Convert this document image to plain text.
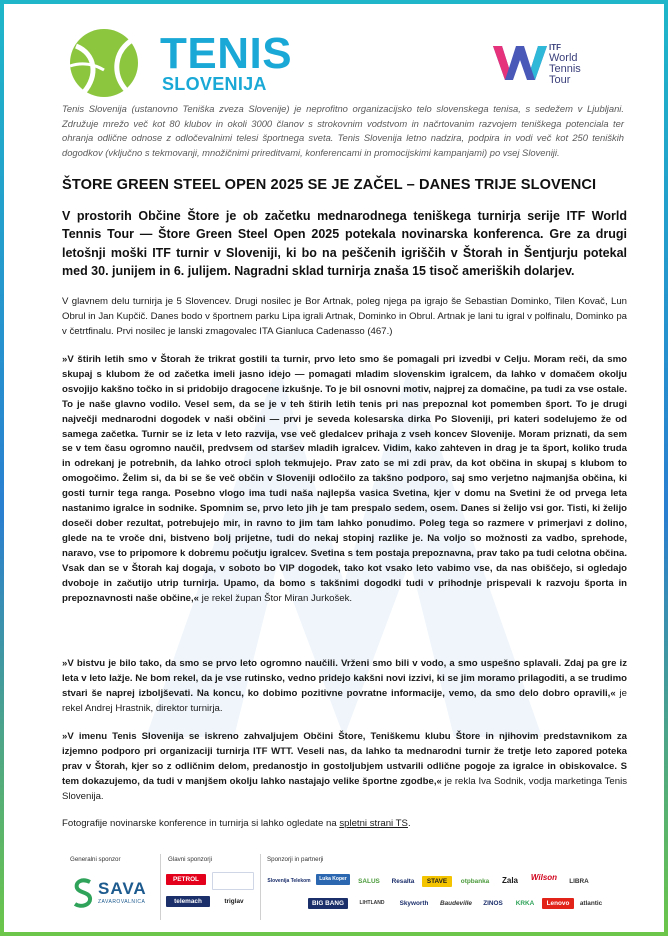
TENIS
SLOVENIJA
ITF
World
Tennis
Tour

Tenis Slovenija (ustanovno Teniška zveza Slovenije) je neprofitno organizacijsko telo slovenskega tenisa, s sedežem v Ljubljani. Združuje mrežo več kot 80 klubov in okoli 3000 članov s strokovnim vodstvom in načrtovanim razvojem teniškega potenciala ter ohranja odlične odnose z odločevalnimi telesi športnega sveta. Tenis Slovenija letno nadzira, podpira in vodi več kot 250 teniških dogodkov (vključno s tekmovanji, množičnimi prireditvami, konferencami in promocijskimi kampanjami) po vsej Sloveniji.

ŠTORE GREEN STEEL OPEN 2025 SE JE ZAČEL – DANES TRIJE SLOVENCI

V prostorih Občine Štore je ob začetku mednarodnega teniškega turnirja serije ITF World Tennis Tour — Štore Green Steel Open 2025 potekala novinarska konferenca. Gre za drugi letošnji moški ITF turnir v Sloveniji, ki bo na peščenih igriščih v Štorah in Šentjurju potekal med 30. junijem in 6. julijem. Nagradni sklad turnirja znaša 15 tisoč ameriških dolarjev.

V glavnem delu turnirja je 5 Slovencev. Drugi nosilec je Bor Artnak, poleg njega pa igrajo še Sebastian Dominko, Tilen Kovač, Lun Obrul in Jan Kupčič. Danes bodo v športnem parku Lipa igrali Artnak, Dominko in Obrul. Artnak je lani tu igral v polfinalu, Dominko pa v četrtfinalu. Prvi nosilec je lanski zmagovalec ITA Gianluca Cadenasso (467.)

»V štirih letih smo v Štorah že trikrat gostili ta turnir, prvo leto smo še pomagali pri izvedbi v Celju. Moram reči, da smo skupaj s klubom že od začetka imeli jasno idejo — pomagati mladim slovenskim igralcem, da lahko v domačem okolju osvojijo kakšno točko in si pridobijo dragocene izkušnje. To je bil osnovni motiv, najprej za domačine, pa tudi za vse ostale. To je naše glavno vodilo. Vesel sem, da se je v teh štirih letih tenis pri nas prepoznal kot pomemben šport. To je drugi največji mednarodni dogodek v naši občini — prvi je seveda kolesarska dirka Po Sloveniji, pri kateri sodelujemo že od samega začetka. Turnir se iz leta v leto razvija, vse več gledalcev prihaja z vseh koncev Slovenije. Moram priznati, da sem se v tem času ogromno naučil, predvsem od staršev mladih igralcev. Vidim, kako zahteven in drag je ta šport, koliko truda in odrekanj je potrebnih, da lahko otroci sploh tekmujejo. Prav zato se mi zdi prav, da kot občina in skupaj s klubom to omogočimo. Želim si, da bi se še več občin v Sloveniji odločilo za takšno podporo, saj smo verjetno najmanjša občina, ki gosti turnir tega ranga. Posebno vlogo ima tudi naša najlepša vasica Svetina, kjer v domu na Svetini že od prvega leta nastanimo igralce in sodnike. Spomnim se, prvo leto jih je tam prespalo sedem, osem. Danes si želijo vsi gor. Tisti, ki želijo doseči dober rezultat, potrebujejo mir, in ravno to jim tam lahko ponudimo. Poleg tega so razmere v primerjavi z dolino, glede na te vroče dni, bistveno bolj prijetne, tudi do nekaj stopinj razlike je. Na voljo so možnosti za vadbo, sprehode, naravo, vse to pripomore k dobremu počutju igralcev. Svetina s tem postaja prepoznavna, prav tako pa tudi celotna občina. Vsak dan se v Štorah kaj dogaja, v soboto bo VIP dogodek, tako kot vsako leto vabimo vse, da nas obiščejo, si ogledajo dvoboje in začutijo utrip turnirja. Upamo, da bomo s takšnimi dogodki tudi v prihodnje prispevali k razvoju športa in prepoznavnosti naše občine,« je rekel župan Štor Miran Jurkošek.

»V bistvu je bilo tako, da smo se prvo leto ogromno naučili. Vrženi smo bili v vodo, a smo uspešno splavali. Zdaj pa gre iz leta v leto lažje. Ne bom rekel, da je vse rutinsko, vedno pridejo kakšni novi izzivi, ki se jim moramo prilagoditi, a se trudimo stvari še naprej izboljševati. Na koncu, ko dobimo pozitivne povratne informacije, vemo, da smo delo dobro opravili,« je rekel Andrej Hrastnik, direktor turnirja.

»V imenu Tenis Slovenija se iskreno zahvaljujem Občini Štore, Teniškemu klubu Štore in njihovim predstavnikom za izjemno podporo pri organizaciji turnirja ITF WTT. Veseli nas, da lahko ta mednarodni turnir že tretje leto zapored poteka prav v Štorah, kjer so z odličnim delom, predanostjo in gostoljubjem ustvarili odlične pogoje za igralce in obiskovalce. S tem dokazujemo, da tudi v manjšem okolju lahko nastajajo velike športne zgodbe,« je rekla Iva Sodnik, vodja marketinga Tenis Slovenija.

Fotografije novinarske konference in turnirja si lahko ogledate na spletni strani TS.

Generalni sponzor	Glavni sponzorji	Sponzorji in partnerji
SAVA
ZAVAROVALNICA
PETROL
telemach	triglav
Slovenija Telekom	Luka Koper	SALUS	Resalta	STAVE	otpbanka	Zala	Wilson	LIBRA
BIG BANG	LIHTLAND	Skyworth	Baudeville	ZINOS	KRKA	Lenovo	atlantic
